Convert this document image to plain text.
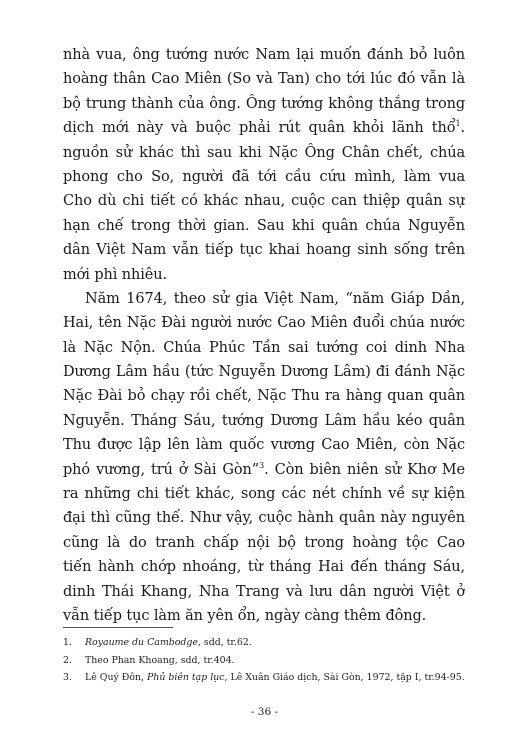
nhà vua, ông tướng nước Nam lại muốn đánh bỏ luôn
hoàng thân Cao Miên (So và Tan) cho tới lúc đó vẫn là
bộ trung thành của ông. Ông tướng không thắng trong
dịch mới này và buộc phải rút quân khỏi lãnh thổ$^1$.
nguồn sử khác thì sau khi Nặc Ông Chân chết, chúa
phong cho So, người đã tới cầu cứu mình, làm vua
Cho dù chi tiết có khác nhau, cuộc can thiệp quân sự
hạn chế trong thời gian. Sau khi quân chúa Nguyễn
dân Việt Nam vẫn tiếp tục khai hoang sinh sống trên
mới phì nhiêu.
Năm 1674, theo sử gia Việt Nam, “năm Giáp Dần,
Hai, tên Nặc Đài người nước Cao Miên đuổi chúa nước
là Nặc Nộn. Chúa Phúc Tần sai tướng coi dinh Nha
Dương Lâm hầu (tức Nguyễn Dương Lâm) đi đánh Nặc
Nặc Đài bỏ chạy rồi chết, Nặc Thu ra hàng quan quân
Nguyễn. Tháng Sáu, tướng Dương Lâm hầu kéo quân
Thu được lập lên làm quốc vương Cao Miên, còn Nặc
phó vương, trú ở Sài Gòn”$^3$. Còn biên niên sử Khơ Me
ra những chi tiết khác, song các nét chính về sự kiện
đại thì cũng thế. Như vậy, cuộc hành quân này nguyên
cũng là do tranh chấp nội bộ trong hoàng tộc Cao
tiến hành chớp nhoáng, từ tháng Hai đến tháng Sáu,
dinh Thái Khang, Nha Trang và lưu dân người Việt ở
vẫn tiếp tục làm ăn yên ổn, ngày càng thêm đông.
1.	Royaume du Cambodge, sdd, tr.62.
2.	Theo Phan Khoang, sdd, tr.404.
3.	Lê Quý Đôn, Phủ biên tạp lục, Lê Xuân Giáo dịch, Sài Gòn, 1972, tập I, tr.94-95.
- 36 -
